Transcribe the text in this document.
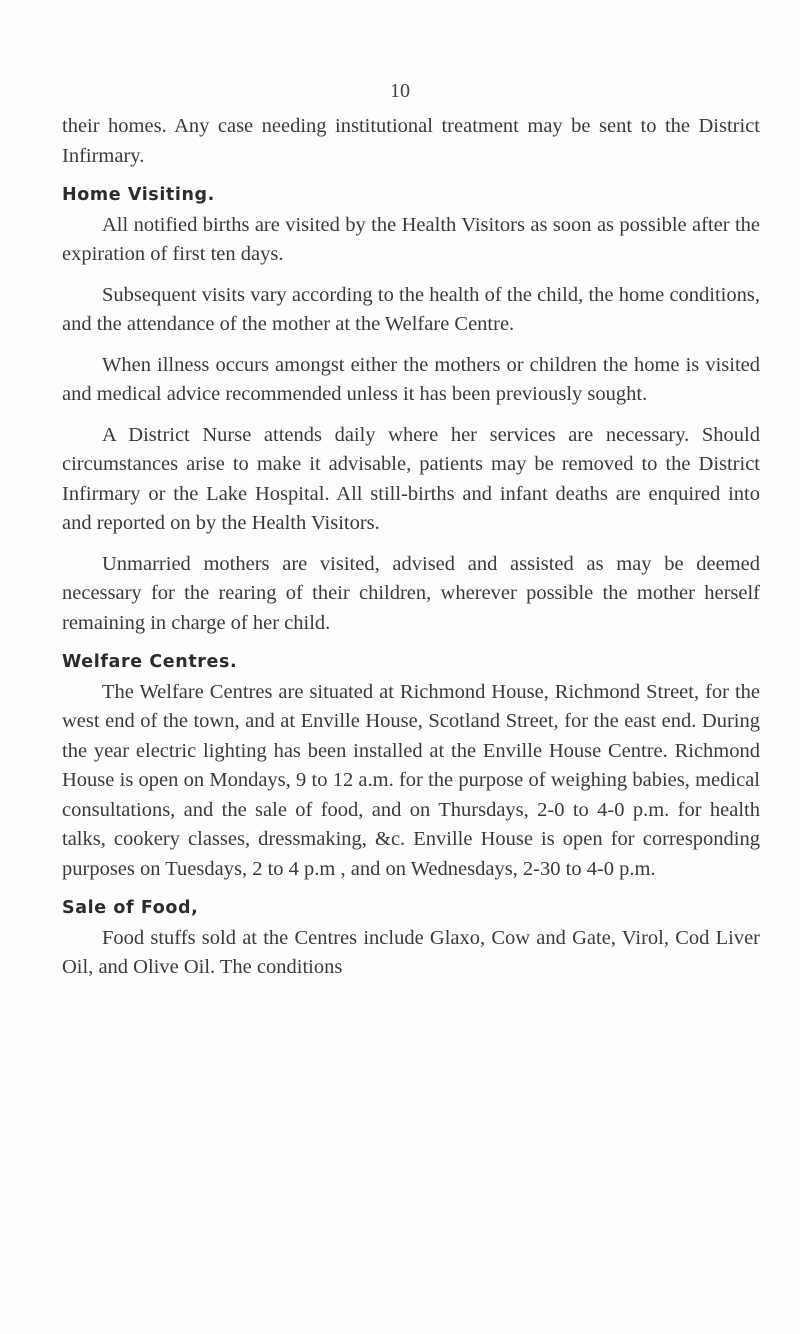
10

their homes. Any case needing institutional treatment may be sent to the District Infirmary.

Home Visiting.

All notified births are visited by the Health Visitors as soon as possible after the expiration of first ten days.

Subsequent visits vary according to the health of the child, the home conditions, and the attendance of the mother at the Welfare Centre.

When illness occurs amongst either the mothers or children the home is visited and medical advice recommended unless it has been previously sought.

A District Nurse attends daily where her services are necessary. Should circumstances arise to make it advisable, patients may be removed to the District Infirmary or the Lake Hospital. All still-births and infant deaths are enquired into and reported on by the Health Visitors.

Unmarried mothers are visited, advised and assisted as may be deemed necessary for the rearing of their children, wherever possible the mother herself remaining in charge of her child.

Welfare Centres.

The Welfare Centres are situated at Richmond House, Richmond Street, for the west end of the town, and at Enville House, Scotland Street, for the east end. During the year electric lighting has been installed at the Enville House Centre. Richmond House is open on Mondays, 9 to 12 a.m. for the purpose of weighing babies, medical consultations, and the sale of food, and on Thursdays, 2-0 to 4-0 p.m. for health talks, cookery classes, dressmaking, &c. Enville House is open for corresponding purposes on Tuesdays, 2 to 4 p.m , and on Wednesdays, 2-30 to 4-0 p.m.

Sale of Food,

Food stuffs sold at the Centres include Glaxo, Cow and Gate, Virol, Cod Liver Oil, and Olive Oil. The conditions
